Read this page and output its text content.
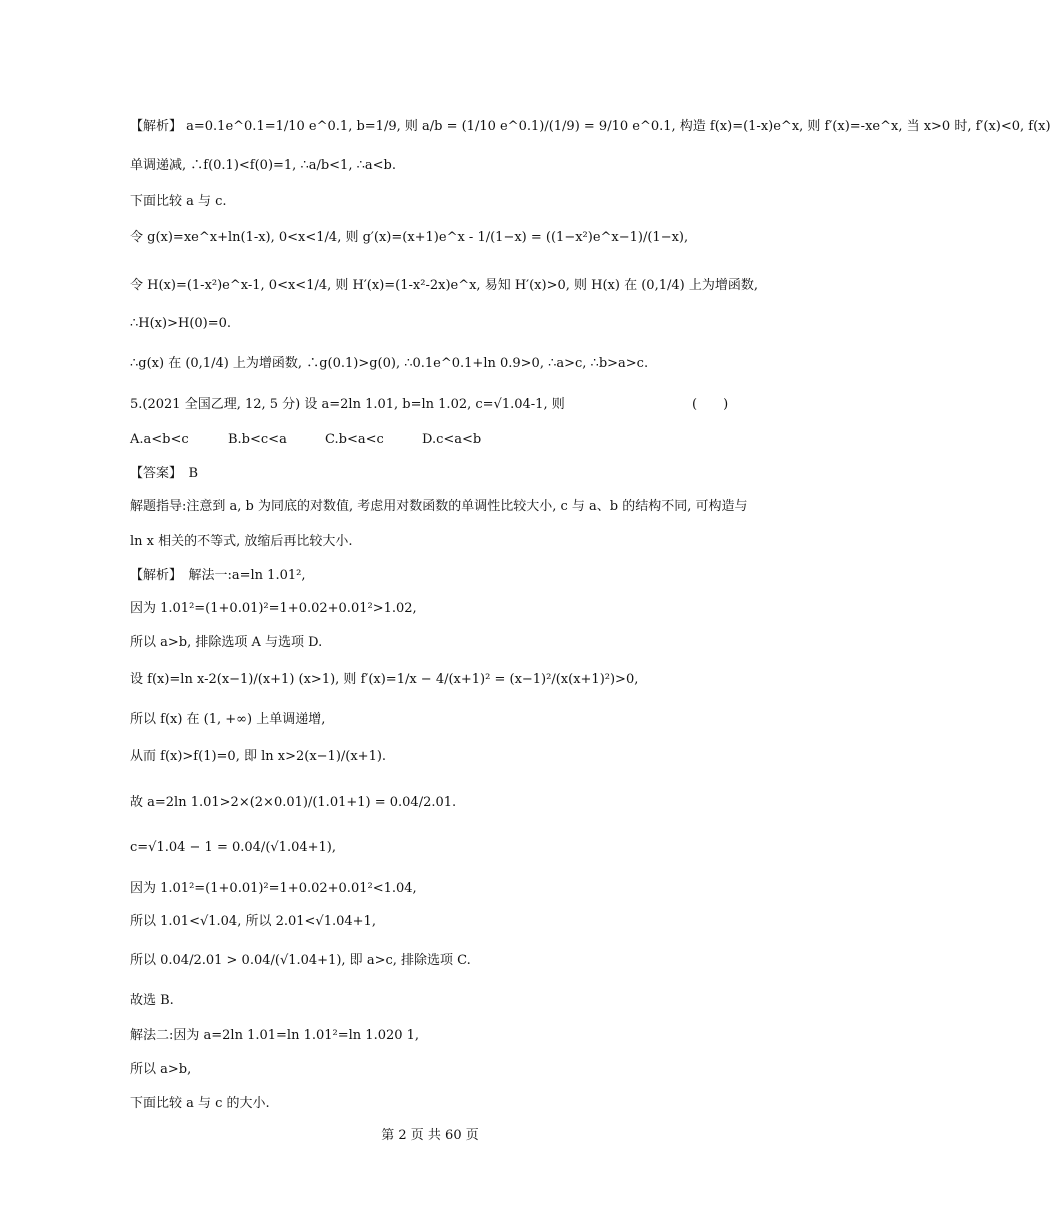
【解析】 a=0.1e^0.1=1/10 e^0.1, b=1/9, 则 a/b = (1/10 e^0.1)/(1/9) = 9/10 e^0.1, 构造 f(x)=(1-x)e^x, 则 f′(x)=-xe^x, 当 x>0 时, f′(x)<0, f(x)
单调递减, ∴f(0.1)<f(0)=1, ∴a/b<1, ∴a<b.
下面比较 a 与 c.
令 g(x)=xe^x+ln(1-x), 0<x<1/4, 则 g′(x)=(x+1)e^x - 1/(1−x) = ((1−x²)e^x−1)/(1−x),
令 H(x)=(1-x²)e^x-1, 0<x<1/4, 则 H′(x)=(1-x²-2x)e^x, 易知 H′(x)>0, 则 H(x) 在 (0,1/4) 上为增函数,
∴H(x)>H(0)=0.
∴g(x) 在 (0,1/4) 上为增函数, ∴g(0.1)>g(0), ∴0.1e^0.1+ln 0.9>0, ∴a>c, ∴b>a>c.
5.(2021 全国乙理, 12, 5 分) 设 a=2ln 1.01, b=ln 1.02, c=√1.04-1, 则	(　　)
A.a<b<c	B.b<c<a	C.b<a<c	D.c<a<b
【答案】　B
解题指导:注意到 a, b 为同底的对数值, 考虑用对数函数的单调性比较大小, c 与 a、b 的结构不同, 可构造与
ln x 相关的不等式, 放缩后再比较大小.
【解析】　解法一:a=ln 1.01²,
因为 1.01²=(1+0.01)²=1+0.02+0.01²>1.02,
所以 a>b, 排除选项 A 与选项 D.
设 f(x)=ln x-2(x−1)/(x+1) (x>1), 则 f′(x)=1/x − 4/(x+1)² = (x−1)²/(x(x+1)²)>0,
所以 f(x) 在 (1, +∞) 上单调递增,
从而 f(x)>f(1)=0, 即 ln x>2(x−1)/(x+1).
故 a=2ln 1.01>2×(2×0.01)/(1.01+1) = 0.04/2.01.
c=√1.04 − 1 = 0.04/(√1.04+1),
因为 1.01²=(1+0.01)²=1+0.02+0.01²<1.04,
所以 1.01<√1.04, 所以 2.01<√1.04+1,
所以 0.04/2.01 > 0.04/(√1.04+1), 即 a>c, 排除选项 C.
故选 B.
解法二:因为 a=2ln 1.01=ln 1.01²=ln 1.020 1,
所以 a>b,
下面比较 a 与 c 的大小.
第 2 页 共 60 页
